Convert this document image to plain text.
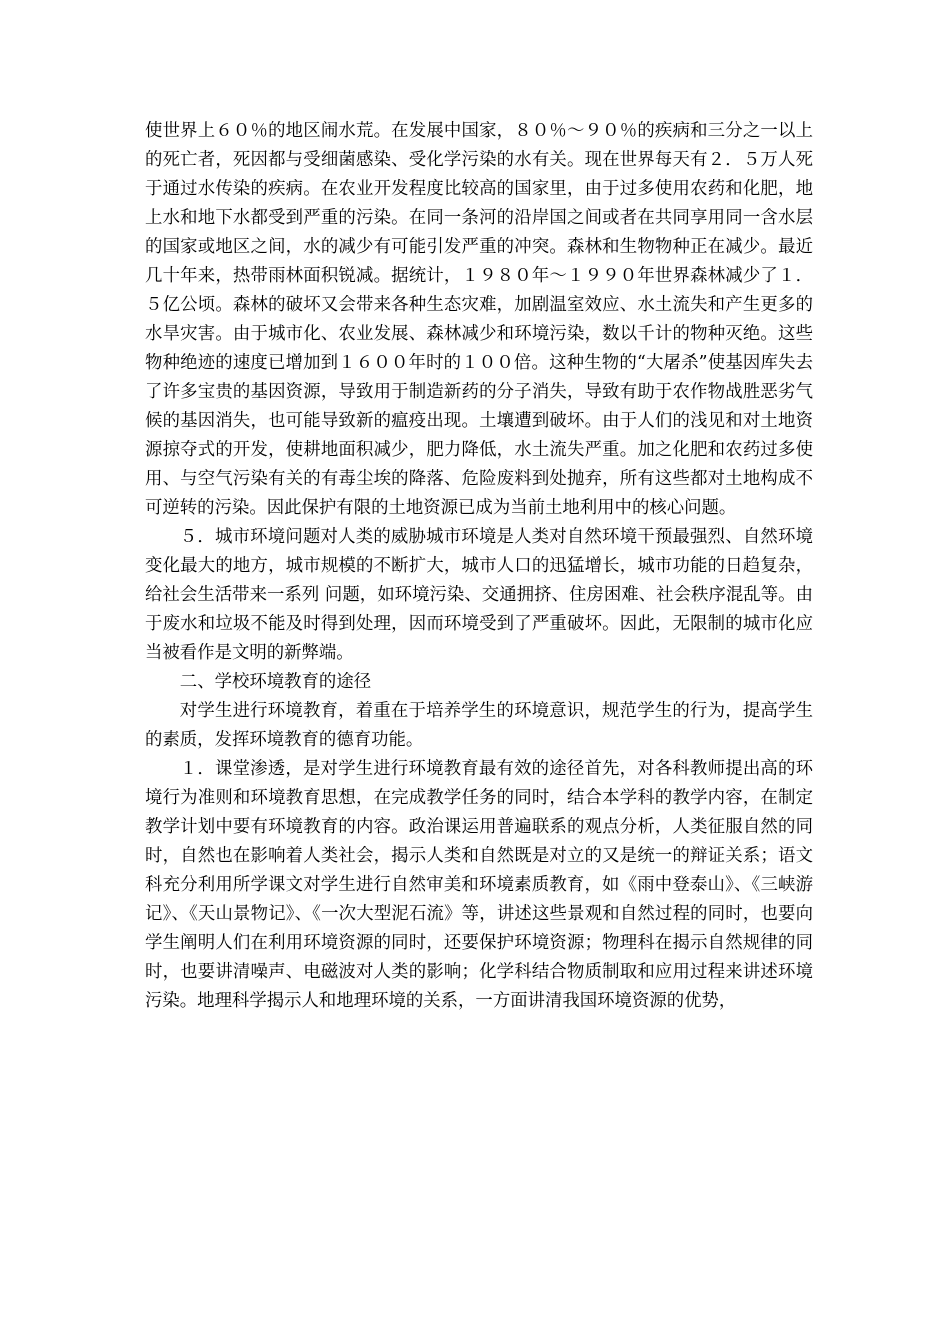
使世界上６０％的地区闹水荒。在发展中国家，８０％～９０％的疾病和三分之一以上的死亡者，死因都与受细菌感染、受化学污染的水有关。现在世界每天有２．５万人死于通过水传染的疾病。在农业开发程度比较高的国家里，由于过多使用农药和化肥，地上水和地下水都受到严重的污染。在同一条河的沿岸国之间或者在共同享用同一含水层的国家或地区之间，水的减少有可能引发严重的冲突。森林和生物物种正在减少。最近几十年来，热带雨林面积锐减。据统计，１９８０年～１９９０年世界森林减少了１．５亿公顷。森林的破坏又会带来各种生态灾难，加剧温室效应、水土流失和产生更多的水旱灾害。由于城市化、农业发展、森林减少和环境污染，数以千计的物种灭绝。这些物种绝迹的速度已增加到１６００年时的１００倍。这种生物的“大屠杀”使基因库失去了许多宝贵的基因资源，导致用于制造新药的分子消失，导致有助于农作物战胜恶劣气候的基因消失，也可能导致新的瘟疫出现。土壤遭到破坏。由于人们的浅见和对土地资源掠夺式的开发，使耕地面积减少，肥力降低，水土流失严重。加之化肥和农药过多使用、与空气污染有关的有毒尘埃的降落、危险废料到处抛弃，所有这些都对土地构成不可逆转的污染。因此保护有限的土地资源已成为当前土地利用中的核心问题。

５．城市环境问题对人类的威胁城市环境是人类对自然环境干预最强烈、自然环境变化最大的地方，城市规模的不断扩大，城市人口的迅猛增长，城市功能的日趋复杂，给社会生活带来一系列 问题，如环境污染、交通拥挤、住房困难、社会秩序混乱等。由于废水和垃圾不能及时得到处理，因而环境受到了严重破坏。因此，无限制的城市化应当被看作是文明的新弊端。

二、学校环境教育的途径

对学生进行环境教育，着重在于培养学生的环境意识，规范学生的行为，提高学生的素质，发挥环境教育的德育功能。

１．课堂渗透，是对学生进行环境教育最有效的途径首先，对各科教师提出高的环境行为准则和环境教育思想，在完成教学任务的同时，结合本学科的教学内容，在制定教学计划中要有环境教育的内容。政治课运用普遍联系的观点分析，人类征服自然的同时，自然也在影响着人类社会，揭示人类和自然既是对立的又是统一的辩证关系；语文科充分利用所学课文对学生进行自然审美和环境素质教育，如《雨中登泰山》、《三峡游记》、《天山景物记》、《一次大型泥石流》等，讲述这些景观和自然过程的同时，也要向学生阐明人们在利用环境资源的同时，还要保护环境资源；物理科在揭示自然规律的同时，也要讲清噪声、电磁波对人类的影响；化学科结合物质制取和应用过程来讲述环境污染。地理科学揭示人和地理环境的关系，一方面讲清我国环境资源的优势，
